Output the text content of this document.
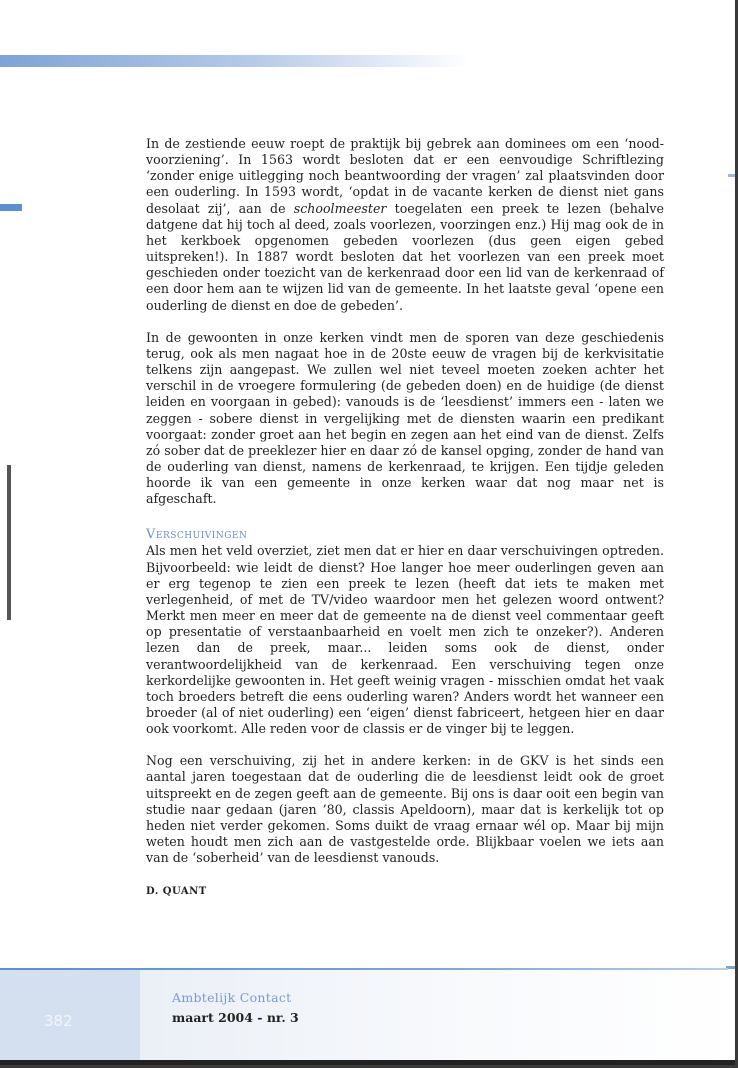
In de zestiende eeuw roept de praktijk bij gebrek aan dominees om een ‘nood-voorziening’. In 1563 wordt besloten dat er een eenvoudige Schriftlezing ‘zonder enige uitlegging noch beantwoording der vragen’ zal plaatsvinden door een ouderling. In 1593 wordt, ‘opdat in de vacante kerken de dienst niet gans desolaat zij’, aan de schoolmeester toegelaten een preek te lezen (behalve datgene dat hij toch al deed, zoals voorlezen, voorzingen enz.) Hij mag ook de in het kerkboek opgenomen gebeden voorlezen (dus geen eigen gebed uitspreken!). In 1887 wordt besloten dat het voorlezen van een preek moet geschieden onder toezicht van de kerkenraad door een lid van de kerkenraad of een door hem aan te wijzen lid van de gemeente. In het laatste geval ‘opene een ouderling de dienst en doe de gebeden’.

In de gewoonten in onze kerken vindt men de sporen van deze geschiedenis terug, ook als men nagaat hoe in de 20ste eeuw de vragen bij de kerkvisitatie telkens zijn aangepast. We zullen wel niet teveel moeten zoeken achter het verschil in de vroegere formulering (de gebeden doen) en de huidige (de dienst leiden en voorgaan in gebed): vanouds is de ‘leesdienst’ immers een - laten we zeggen - sobere dienst in vergelijking met de diensten waarin een predikant voorgaat: zonder groet aan het begin en zegen aan het eind van de dienst. Zelfs zó sober dat de preeklezer hier en daar zó de kansel opging, zonder de hand van de ouderling van dienst, namens de kerkenraad, te krijgen. Een tijdje geleden hoorde ik van een gemeente in onze kerken waar dat nog maar net is afgeschaft.

Verschuivingen

Als men het veld overziet, ziet men dat er hier en daar verschuivingen optreden. Bijvoorbeeld: wie leidt de dienst? Hoe langer hoe meer ouderlingen geven aan er erg tegenop te zien een preek te lezen (heeft dat iets te maken met verlegenheid, of met de TV/video waardoor men het gelezen woord ontwent? Merkt men meer en meer dat de gemeente na de dienst veel commentaar geeft op presentatie of verstaanbaarheid en voelt men zich te onzeker?). Anderen lezen dan de preek, maar... leiden soms ook de dienst, onder verantwoordelijkheid van de kerkenraad. Een verschuiving tegen onze kerkordelijke gewoonten in. Het geeft weinig vragen - misschien omdat het vaak toch broeders betreft die eens ouderling waren? Anders wordt het wanneer een broeder (al of niet ouderling) een ‘eigen’ dienst fabriceert, hetgeen hier en daar ook voorkomt. Alle reden voor de classis er de vinger bij te leggen.

Nog een verschuiving, zij het in andere kerken: in de GKV is het sinds een aantal jaren toegestaan dat de ouderling die de leesdienst leidt ook de groet uitspreekt en de zegen geeft aan de gemeente. Bij ons is daar ooit een begin van studie naar gedaan (jaren ’80, classis Apeldoorn), maar dat is kerkelijk tot op heden niet verder gekomen. Soms duikt de vraag ernaar wél op. Maar bij mijn weten houdt men zich aan de vastgestelde orde. Blijkbaar voelen we iets aan van de ‘soberheid’ van de leesdienst vanouds.

D. QUANT
382
Ambtelijk Contact
maart 2004 - nr. 3
